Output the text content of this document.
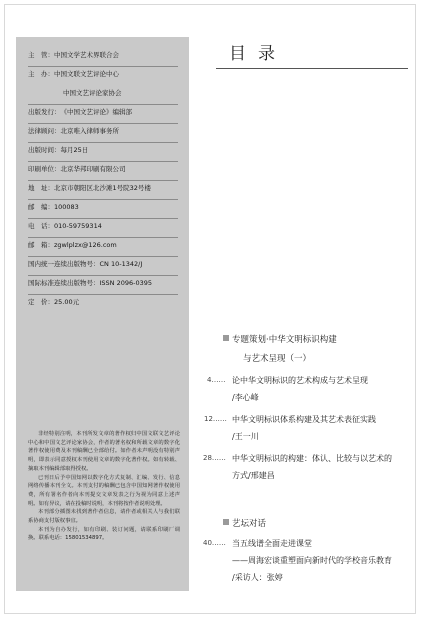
主　管：中国文学艺术界联合会
主　办：中国文联文艺评论中心
中国文艺评论家协会
出版发行：《中国文艺评论》编辑部
法律顾问：北京唯入律师事务所
出版时间：每月25日
印刷单位：北京华邦印刷有限公司
地　址：北京市朝阳区北沙滩1号院32号楼
邮　编：100083
电　话：010-59759314
邮　箱：zgwlplzx@126.com
国内统一连续出版物号：CN 10-1342/J
国际标准连续出版物号：ISSN 2096-0395
定　价：25.00元

非经特别注明，本刊所发文章的著作权归中国文联文艺评论中心和中国文艺评论家协会，作者的著名权和所载文章的数字化著作权使用费及本刊稿酬已全部给付。如作者未声明没有特别声明，即表示同意授权本刊使用文章的数字化著作权。如有转载、摘取本刊编辑部取得授权。

已刊日后予中国知网以数字化方式复制、汇编、发行、信息网络传播本刊全文。本刊支付的稿酬已包含中国知网著作权使用费，所有署名作者向本刊提交文章发表之行为视为同意上述声明。如有异议，请在投稿时说明，本刊将按作者说明处理。

本刊部分插图未找到著作者信息，请作者或相关人与我们联系协商支付版权事宜。

本刊为自办发行，如有印刷、装订问题，请联系印刷厂调换。联系电话：15801534897。

目录
专题策划·中华文明标识构建
与艺术呈现（一）
4…… 论中华文明标识的艺术构成与艺术呈现
/李心峰
12…… 中华文明标识体系构建及其艺术表征实践
/王一川
28…… 中华文明标识的构建：体认、比较与以艺术的
方式/邢建昌
艺坛对话
40…… 当五线谱全面走进课堂
——周海宏谈重塑面向新时代的学校音乐教育
/采访人：张婷
